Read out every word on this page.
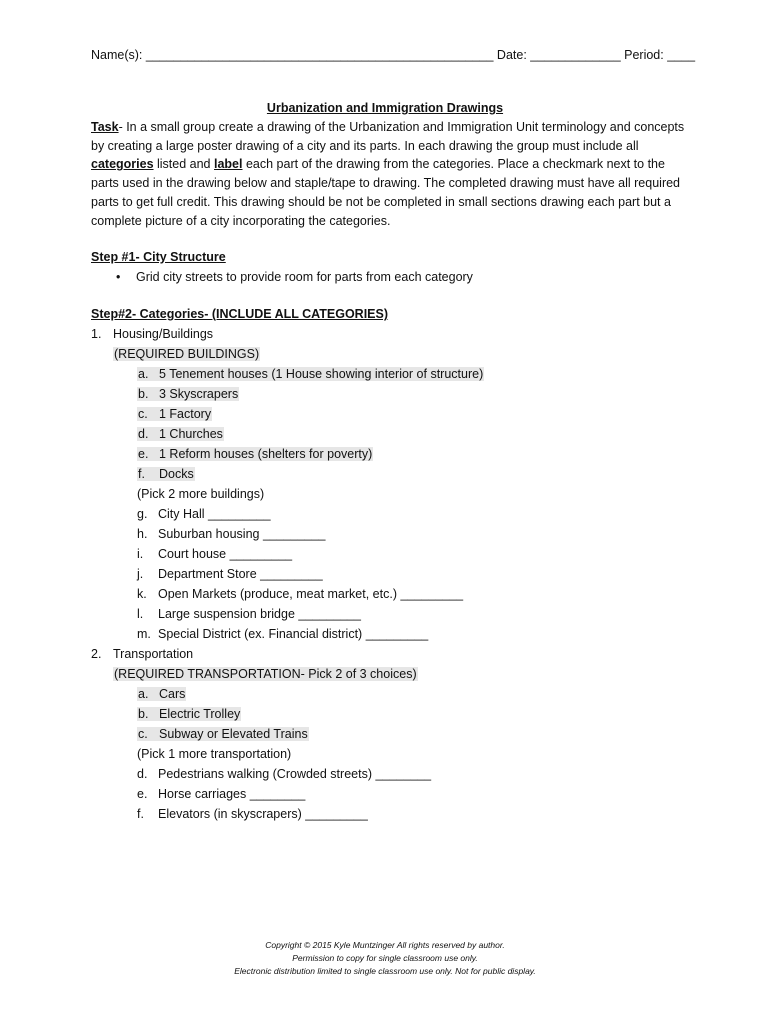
Name(s): __________________________________________________ Date: _____________ Period: ____
Urbanization and Immigration Drawings
Task- In a small group create a drawing of the Urbanization and Immigration Unit terminology and concepts by creating a large poster drawing of a city and its parts. In each drawing the group must include all categories listed and label each part of the drawing from the categories. Place a checkmark next to the parts used in the drawing below and staple/tape to drawing. The completed drawing must have all required parts to get full credit. This drawing should be not be completed in small sections drawing each part but a complete picture of a city incorporating the categories.
Step #1- City Structure
• Grid city streets to provide room for parts from each category
Step#2- Categories- (INCLUDE ALL CATEGORIES)
1. Housing/Buildings
(REQUIRED BUILDINGS)
a. 5 Tenement houses (1 House showing interior of structure)
b. 3 Skyscrapers
c. 1 Factory
d. 1 Churches
e. 1 Reform houses (shelters for poverty)
f. Docks
(Pick 2 more buildings)
g. City Hall _________
h. Suburban housing _________
i. Court house _________
j. Department Store _________
k. Open Markets (produce, meat market, etc.) _________
l. Large suspension bridge _________
m. Special District (ex. Financial district) _________
2. Transportation
(REQUIRED TRANSPORTATION- Pick 2 of 3 choices)
a. Cars
b. Electric Trolley
c. Subway or Elevated Trains
(Pick 1 more transportation)
d. Pedestrians walking (Crowded streets) ________
e. Horse carriages ________
f. Elevators (in skyscrapers) _________
Copyright © 2015 Kyle Muntzinger All rights reserved by author.
Permission to copy for single classroom use only.
Electronic distribution limited to single classroom use only. Not for public display.
